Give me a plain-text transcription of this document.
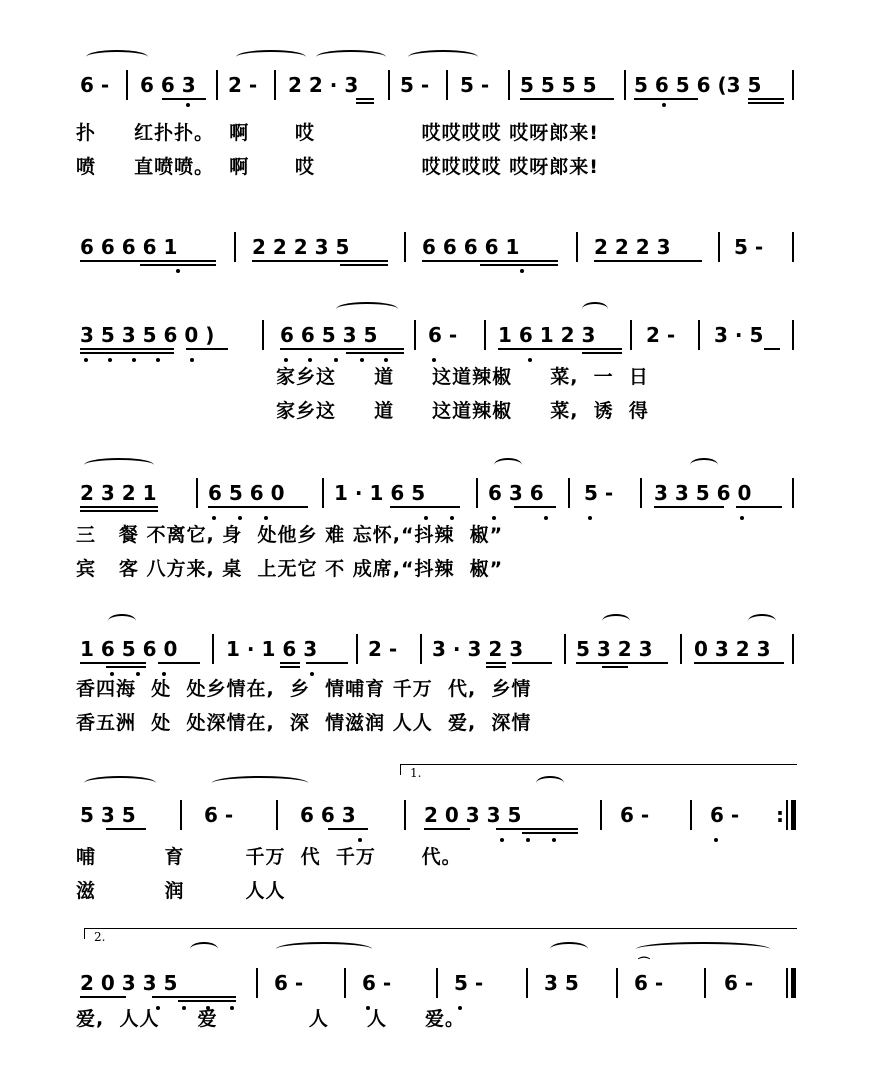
6 - 6 6 3 2 - 2 2 · 3 5 - 5 - 5 5 5 5 5 6 5 6 (3 5
扑     红扑扑。  啊      哎              哎哎哎哎 哎呀郎来!
喷     直喷喷。  啊      哎              哎哎哎哎 哎呀郎来!
6 6 6 6 1	2 2 2 3 5	6 6 6 6 1	2 2 2 3	5 -
3 5 3 5 6 0 )	6 6 5 3 5	6 - 1 6 1 2 3	2 - 3 · 5
家乡这     道     这道辣椒     菜,  一  日
家乡这     道     这道辣椒     菜,  诱  得
2 3 2 1	6 5 6 0 1 · 1 6 5	6 3 6 5 - 3 3 5 6 0
三   餐 不离它, 身  处他乡 难 忘怀,“抖辣  椒”
宾   客 八方来, 桌  上无它 不 成席,“抖辣  椒”
1 6 5 6 0 1 · 1 6 3	2 - 3 · 3 2 3	5 3 2 3 0 3 2 3
香四海  处  处乡情在,  乡  情哺育 千万  代,  乡情
香五洲  处  处深情在,  深  情滋润 人人  爱,  深情
1.
5 3 5	6 -	6 6 3	2 0 3 3 5	6 -	6 - :
哺         育        千万  代  千万      代。
滋         润        人人
2.
2 0 3 3 5	6 -	6 -	5 -	3 5
⌒
6 -	6 -
爱,  人人     爱            人     人     爱。
